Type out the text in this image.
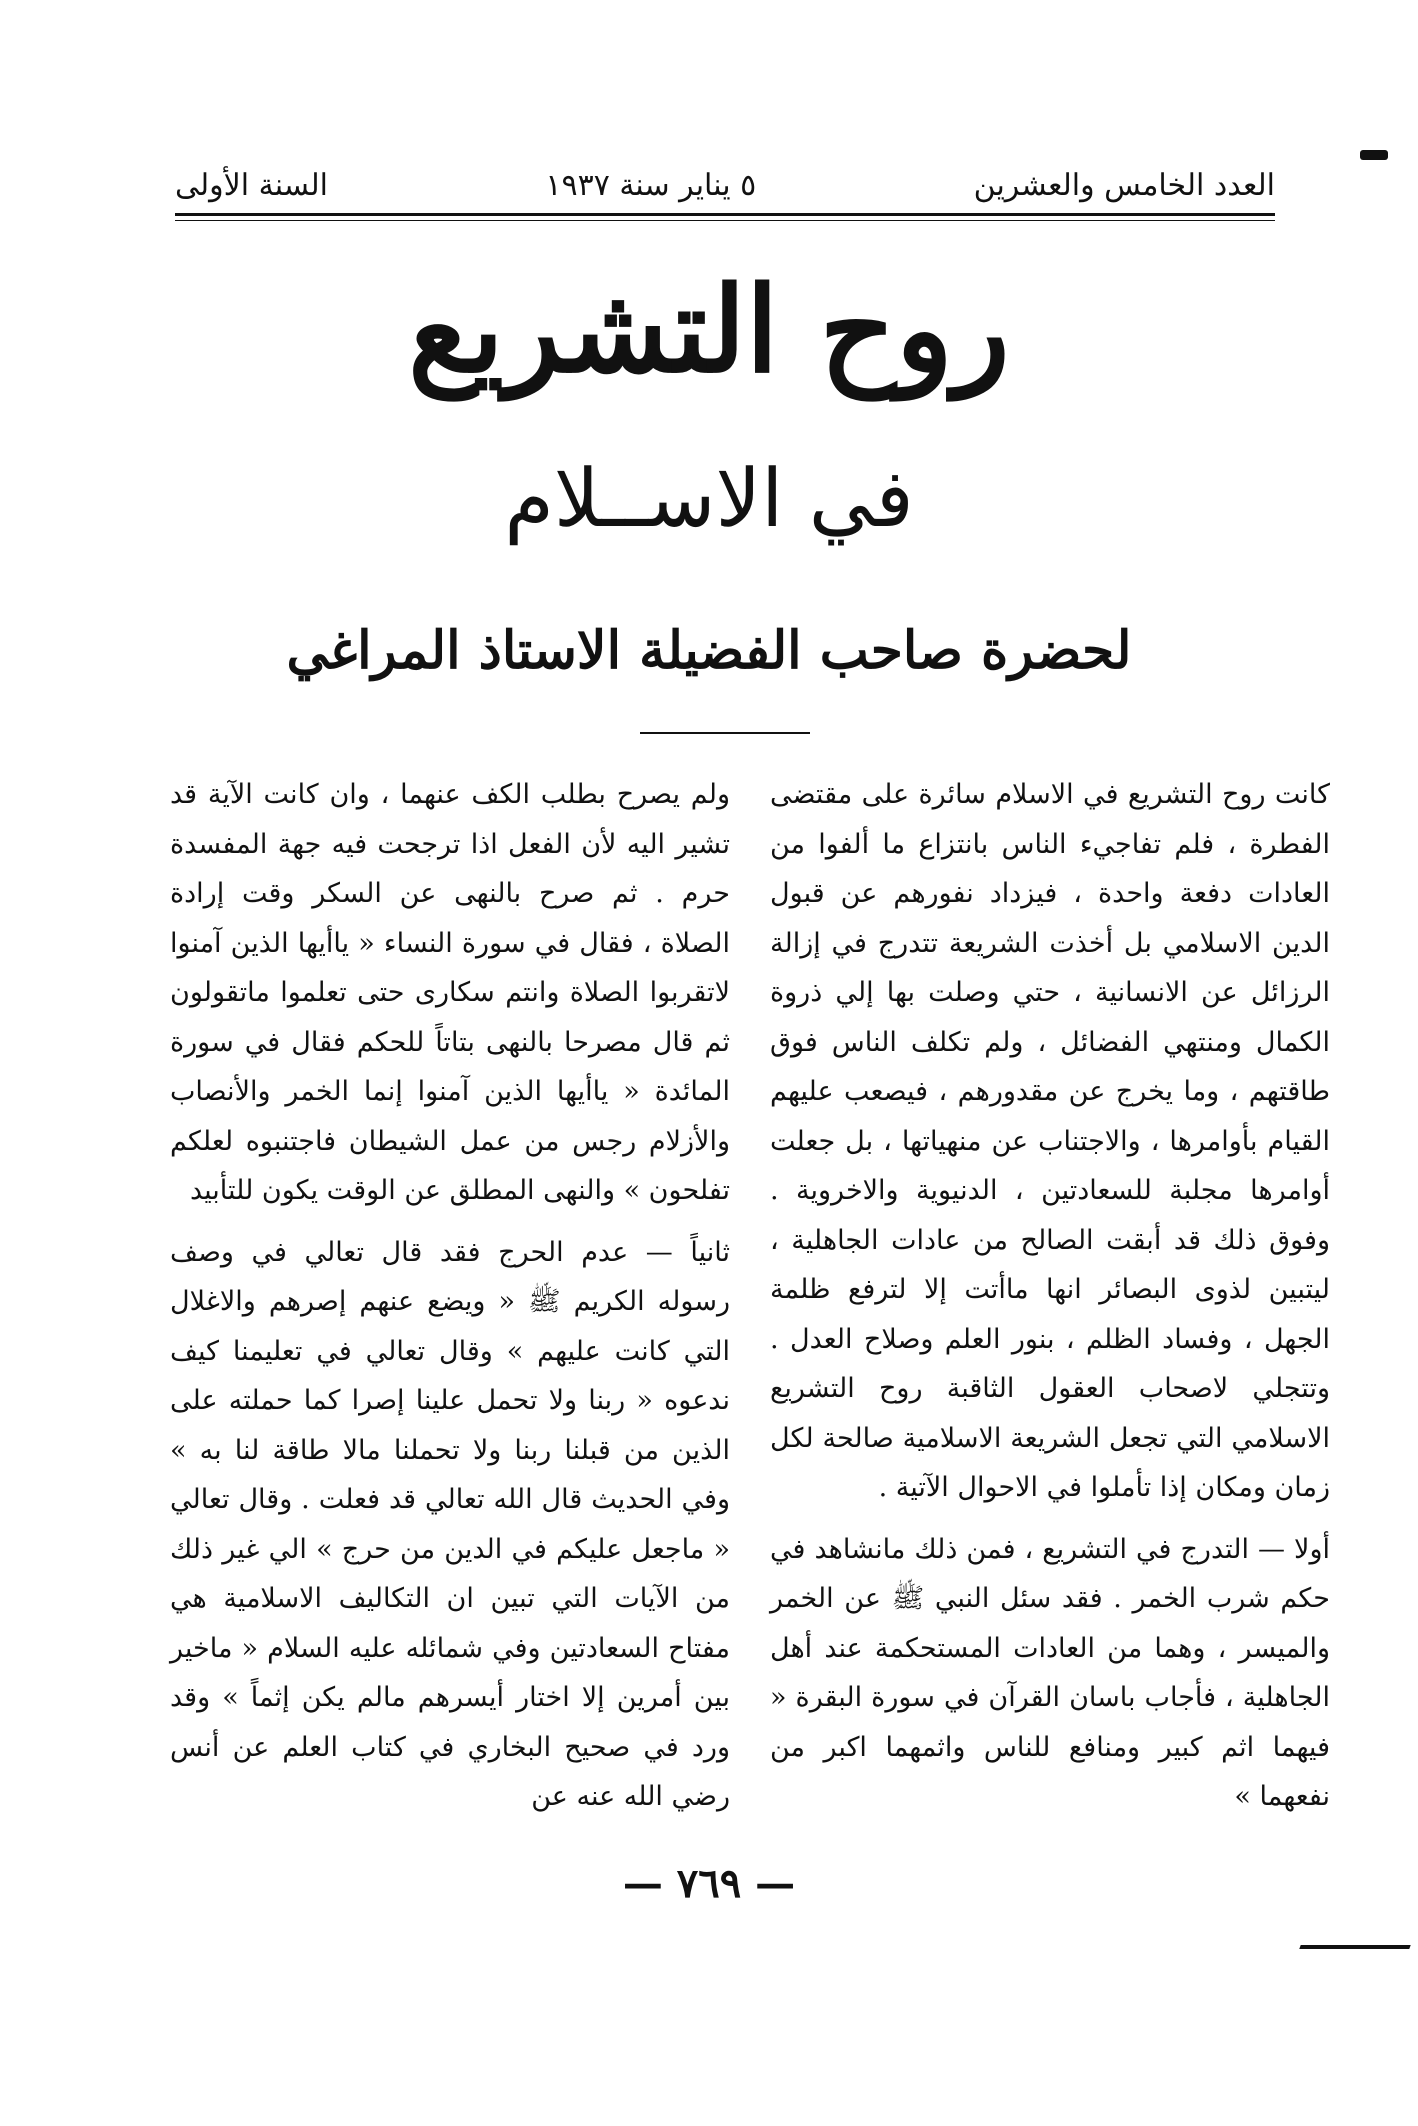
العدد الخامس والعشرين
٥ يناير سنة ١٩٣٧
السنة الأولى
روح التشريع
في الاســلام
لحضرة صاحب الفضيلة الاستاذ المراغي

كانت روح التشريع في الاسلام سائرة على مقتضى الفطرة ، فلم تفاجيء الناس بانتزاع ما ألفوا من العادات دفعة واحدة ، فيزداد نفورهم عن قبول الدين الاسلامي بل أخذت الشريعة تتدرج في إزالة الرزائل عن الانسانية ، حتي وصلت بها إلي ذروة الكمال ومنتهي الفضائل ، ولم تكلف الناس فوق طاقتهم ، وما يخرج عن مقدورهم ، فيصعب عليهم القيام بأوامرها ، والاجتناب عن منهياتها ، بل جعلت أوامرها مجلبة للسعادتين ، الدنيوية والاخروية . وفوق ذلك قد أبقت الصالح من عادات الجاهلية ، ليتبين لذوى البصائر انها ماأتت إلا لترفع ظلمة الجهل ، وفساد الظلم ، بنور العلم وصلاح العدل . وتتجلي لاصحاب العقول الثاقبة روح التشريع الاسلامي التي تجعل الشريعة الاسلامية صالحة لكل زمان ومكان إذا تأملوا في الاحوال الآتية .

أولا — التدرج في التشريع ، فمن ذلك مانشاهد في حكم شرب الخمر . فقد سئل النبي ﷺ عن الخمر والميسر ، وهما من العادات المستحكمة عند أهل الجاهلية ، فأجاب باسان القرآن في سورة البقرة « فيهما اثم كبير ومنافع للناس واثمهما اكبر من نفعهما »

ولم يصرح بطلب الكف عنهما ، وان كانت الآية قد تشير اليه لأن الفعل اذا ترجحت فيه جهة المفسدة حرم . ثم صرح بالنهى عن السكر وقت إرادة الصلاة ، فقال في سورة النساء « ياأيها الذين آمنوا لاتقربوا الصلاة وانتم سكارى حتى تعلموا ماتقولون ثم قال مصرحا بالنهى بتاتاً للحكم فقال في سورة المائدة « ياأيها الذين آمنوا إنما الخمر والأنصاب والأزلام رجس من عمل الشيطان فاجتنبوه لعلكم تفلحون » والنهى المطلق عن الوقت يكون للتأبيد

ثانياً — عدم الحرج فقد قال تعالي في وصف رسوله الكريم ﷺ « ويضع عنهم إصرهم والاغلال التي كانت عليهم » وقال تعالي في تعليمنا كيف ندعوه « ربنا ولا تحمل علينا إصرا كما حملته على الذين من قبلنا ربنا ولا تحملنا مالا طاقة لنا به » وفي الحديث قال الله تعالي قد فعلت . وقال تعالي « ماجعل عليكم في الدين من حرج » الي غير ذلك من الآيات التي تبين ان التكاليف الاسلامية هي مفتاح السعادتين وفي شمائله عليه السلام « ماخير بين أمرين إلا اختار أيسرهم مالم يكن إثماً » وقد ورد في صحيح البخاري في كتاب العلم عن أنس رضي الله عنه عن

— ٧٦٩ —
